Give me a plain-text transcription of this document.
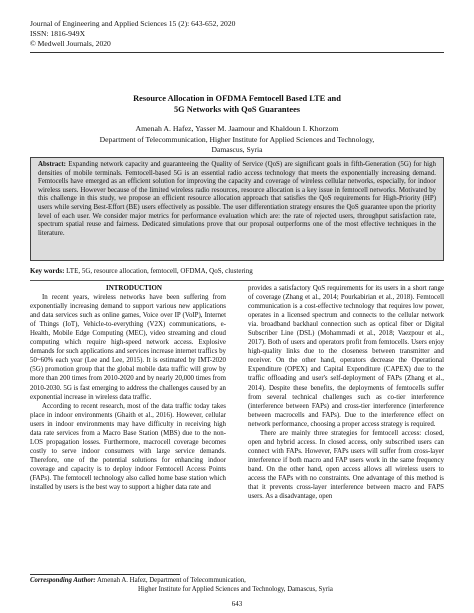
Journal of Engineering and Applied Sciences 15 (2): 643-652, 2020
ISSN: 1816-949X
© Medwell Journals, 2020
Resource Allocation in OFDMA Femtocell Based LTE and
5G Networks with QoS Guarantees
Amenah A. Hafez, Yasser M. Jaamour and Khaldoun I. Khorzom
Department of Telecommunication, Higher Institute for Applied Sciences and Technology,
Damascus, Syria
Abstract: Expanding network capacity and guaranteeing the Quality of Service (QoS) are significant goals in fifth-Generation (5G) for high densities of mobile terminals. Femtocell-based 5G is an essential radio access technology that meets the exponentially increasing demand. Femtocells have emerged as an efficient solution for improving the capacity and coverage of wireless cellular networks, especially, for indoor wireless users. However because of the limited wireless radio resources, resource allocation is a key issue in femtocell networks. Motivated by this challenge in this study, we propose an efficient resource allocation approach that satisfies the QoS requirements for High-Priority (HP) users while serving Best-Effort (BE) users effectively as possible. The user differentiation strategy ensures the QoS guarantee upon the priority level of each user. We consider major metrics for performance evaluation which are: the rate of rejected users, throughput satisfaction rate, spectrum spatial reuse and fairness. Dedicated simulations prove that our proposal outperforms one of the most effective techniques in the literature.
Key words: LTE, 5G, resource allocation, femtocell, OFDMA, QoS, clustering

INTRODUCTION

In recent years, wireless networks have been suffering from exponentially increasing demand to support various new applications and data services such as online games, Voice over IP (VoIP), Internet of Things (IoT), Vehicle-to-everything (V2X) communications, e-Health, Mobile Edge Computing (MEC), video streaming and cloud computing which require high-speed network access. Explosive demands for such applications and services increase internet traffics by 50~60% each year (Lee and Lee, 2015). It is estimated by IMT-2020 (5G) promotion group that the global mobile data traffic will grow by more than 200 times from 2010-2020 and by nearly 20,000 times from 2010-2030. 5G is fast emerging to address the challenges caused by an exponential increase in wireless data traffic.

According to recent research, most of the data traffic today takes place in indoor environments (Ghaith et al., 2016). However, cellular users in indoor environments may have difficulty in receiving high data rate services from a Macro Base Station (MBS) due to the non-LOS propagation losses. Furthermore, macrocell coverage becomes costly to serve indoor consumers with large service demands. Therefore, one of the potential solutions for enhancing indoor coverage and capacity is to deploy indoor Femtocell Access Points (FAPs). The femtocell technology also called home base station which installed by users is the best way to support a higher data rate and

provides a satisfactory QoS requirements for its users in a short range of coverage (Zhang et al., 2014; Pourkabirian et al., 2018). Femtocell communication is a cost-effective technology that requires low power, operates in a licensed spectrum and connects to the cellular network via. broadband backhaul connection such as optical fiber or Digital Subscriber Line (DSL) (Mohammadi et al., 2018; Vaezpour et al., 2017). Both of users and operators profit from femtocells. Users enjoy high-quality links due to the closeness between transmitter and receiver. On the other hand, operators decrease the Operational Expenditure (OPEX) and Capital Expenditure (CAPEX) due to the traffic offloading and user's self-deployment of FAPs (Zhang et al., 2014). Despite these benefits, the deployments of femtocells suffer from several technical challenges such as co-tier interference (interference between FAPs) and cross-tier interference (interference between macrocells and FAPs). Due to the interference effect on network performance, choosing a proper access strategy is required.

There are mainly three strategies for femtocell access: closed, open and hybrid access. In closed access, only subscribed users can connect with FAPs. However, FAPs users will suffer from cross-layer interference if both macro and FAP users work in the same frequency band. On the other hand, open access allows all wireless users to access the FAPs with no constraints. One advantage of this method is that it prevents cross-layer interference between macro and FAPS users. As a disadvantage, open

Corresponding Author: Amenah A. Hafez, Department of Telecommunication,
Higher Institute for Applied Sciences and Technology, Damascus, Syria
643
